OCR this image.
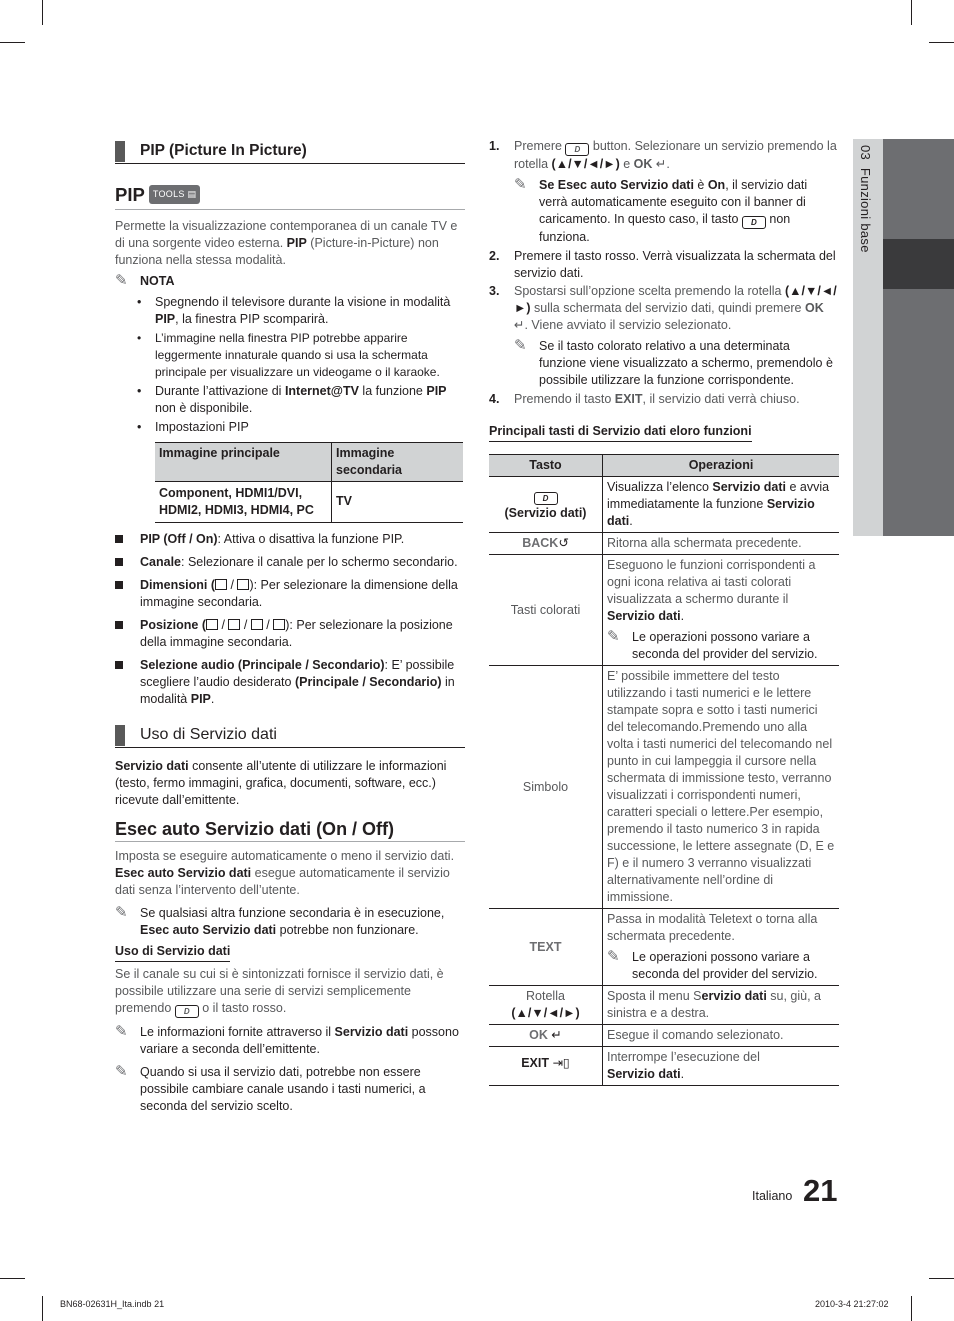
03  Funzioni base
PIP (Picture In Picture)
PIP TOOLS ▤

Permette la visualizzazione contemporanea di un canale TV e di una sorgente video esterna. PIP (Picture-in-Picture) non funziona nella stessa modalità.

✎ NOTA
• Spegnendo il televisore durante la visione in modalità PIP, la finestra PIP scomparirà.
• L’immagine nella finestra PIP potrebbe apparire leggermente innaturale quando si usa la schermata principale per visualizzare un videogame o il karaoke.
• Durante l’attivazione di Internet@TV la funzione PIP non è disponibile.
• Impostazioni PIP
Immagine principale	Immagine secondaria
Component, HDMI1/DVI, HDMI2, HDMI3, HDMI4, PC	TV
PIP (Off / On): Attiva o disattiva la funzione PIP.
Canale: Selezionare il canale per lo schermo secondario.
Dimensioni ( / ): Per selezionare la dimensione della immagine secondaria.
Posizione ( /  /  / ): Per selezionare la posizione della immagine secondaria.
Selezione audio (Principale / Secondario): E’ possibile scegliere l’audio desiderato (Principale / Secondario) in modalità PIP.
Uso di Servizio dati

Servizio dati consente all’utente di utilizzare le informazioni (testo, fermo immagini, grafica, documenti, software, ecc.) ricevute dall’emittente.

Esec auto Servizio dati (On / Off)

Imposta se eseguire automaticamente o meno il servizio dati. Esec auto Servizio dati esegue automaticamente il servizio dati senza l’intervento dell’utente.

✎ Se qualsiasi altra funzione secondaria è in esecuzione, Esec auto Servizio dati potrebbe non funzionare.

Uso di Servizio dati

Se il canale su cui si è sintonizzati fornisce il servizio dati, è possibile utilizzare una serie di servizi semplicemente premendo D o il tasto rosso.

✎ Le informazioni fornite attraverso il Servizio dati possono variare a seconda dell’emittente.

✎ Quando si usa il servizio dati, potrebbe non essere possibile cambiare canale usando i tasti numerici, a seconda del servizio scelto.

1. Premere D button. Selezionare un servizio premendo la rotella (▲/▼/◄/►) e OK ↵.
✎ Se Esec auto Servizio dati è On, il servizio dati verrà automaticamente eseguito con il banner di caricamento. In questo caso, il tasto D non funziona.

2. Premere il tasto rosso. Verrà visualizzata la schermata del servizio dati.
3. Spostarsi sull’opzione scelta premendo la rotella (▲/▼/◄/►) sulla schermata del servizio dati, quindi premere OK ↵. Viene avviato il servizio selezionato.
✎ Se il tasto colorato relativo a una determinata funzione viene visualizzato a schermo, premendolo è possibile utilizzare la funzione corrispondente.

4. Premendo il tasto EXIT, il servizio dati verrà chiuso.
Principali tasti di Servizio dati eloro funzioni
Tasto	Operazioni
D
(Servizio dati)	Visualizza l’elenco Servizio dati e avvia immediatamente la funzione Servizio dati.
BACK↺	Ritorna alla schermata precedente.
Tasti colorati	Eseguono le funzioni corrispondenti a ogni icona relativa ai tasti colorati visualizzata a schermo durante il Servizio dati.
✎ Le operazioni possono variare a seconda del provider del servizio.

Simbolo	E’ possibile immettere del testo utilizzando i tasti numerici e le lettere stampate sopra e sotto i tasti numerici del telecomando.Premendo uno alla volta i tasti numerici del telecomando nel punto in cui lampeggia il cursore nella schermata di immissione testo, verranno visualizzati i corrispondenti numeri, caratteri speciali o lettere.Per esempio, premendo il tasto numerico 3 in rapida successione, le lettere assegnate (D, E e F) e il numero 3 verranno visualizzati alternativamente nell’ordine di immissione.
TEXT	Passa in modalità Teletext o torna alla schermata precedente.
✎ Le operazioni possono variare a seconda del provider del servizio.

Rotella
(▲/▼/◄/►)	Sposta il menu Servizio dati su, giù, a sinistra e a destra.
OK ↵	Esegue il comando selezionato.
EXIT ⇥▯	Interrompe l’esecuzione del
Servizio dati.
Italiano 21
BN68-02631H_Ita.indb 21	2010-3-4 21:27:02
